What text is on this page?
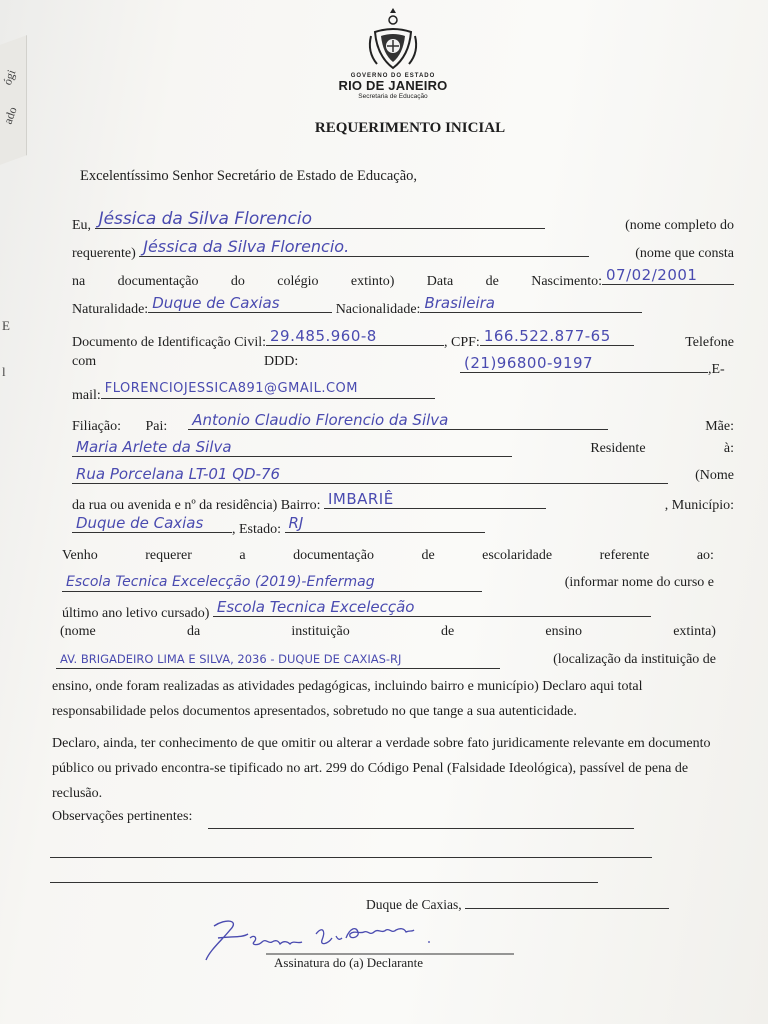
ógi
ado
E
l
GOVERNO DO ESTADO
RIO DE JANEIRO
Secretaria de Educação
REQUERIMENTO INICIAL
Excelentíssimo Senhor Secretário de Estado de Educação,
Eu, Jéssica da Silva Florencio	(nome completo do
requerente) Jéssica da Silva Florencio.	(nome que consta
na documentação do colégio extinto) Data de Nascimento: 07/02/2001
Naturalidade: Duque de Caxias	Nacionalidade: Brasileira
Documento de Identificação Civil: 29.485.960-8	, CPF: 166.522.877-65	Telefone
com	DDD:	(21)96800-9197	,E-
mail: FLORENCIOJESSICA891@GMAIL.COM
Filiação: Pai: Antonio Claudio Florencio da Silva	Mãe:
Maria Arlete da Silva	Residente	à:
Rua Porcelana LT-01 QD-76	(Nome
da rua ou avenida e nº da residência) Bairro: IMBARIÊ	, Município:
Duque de Caxias , Estado: RJ
Venho	requerer	a	documentação	de	escolaridade	referente	ao:
Escola Tecnica Excelecção (2019)-Enfermag	(informar nome do curso e
último ano letivo cursado) Escola Tecnica Excelecção
(nome	da	instituição	de	ensino	extinta)
AV. BRIGADEIRO LIMA E SILVA, 2036 - DUQUE DE CAXIAS-RJ	(localização da instituição de
ensino, onde foram realizadas as atividades pedagógicas, incluindo bairro e município) Declaro aqui total responsabilidade pelos documentos apresentados, sobretudo no que tange a sua autenticidade.
Declaro, ainda, ter conhecimento de que omitir ou alterar a verdade sobre fato juridicamente relevante em documento público ou privado encontra-se tipificado no art. 299 do Código Penal (Falsidade Ideológica), passível de pena de reclusão.
Observações pertinentes:
Duque de Caxias,
Assinatura do (a) Declarante
